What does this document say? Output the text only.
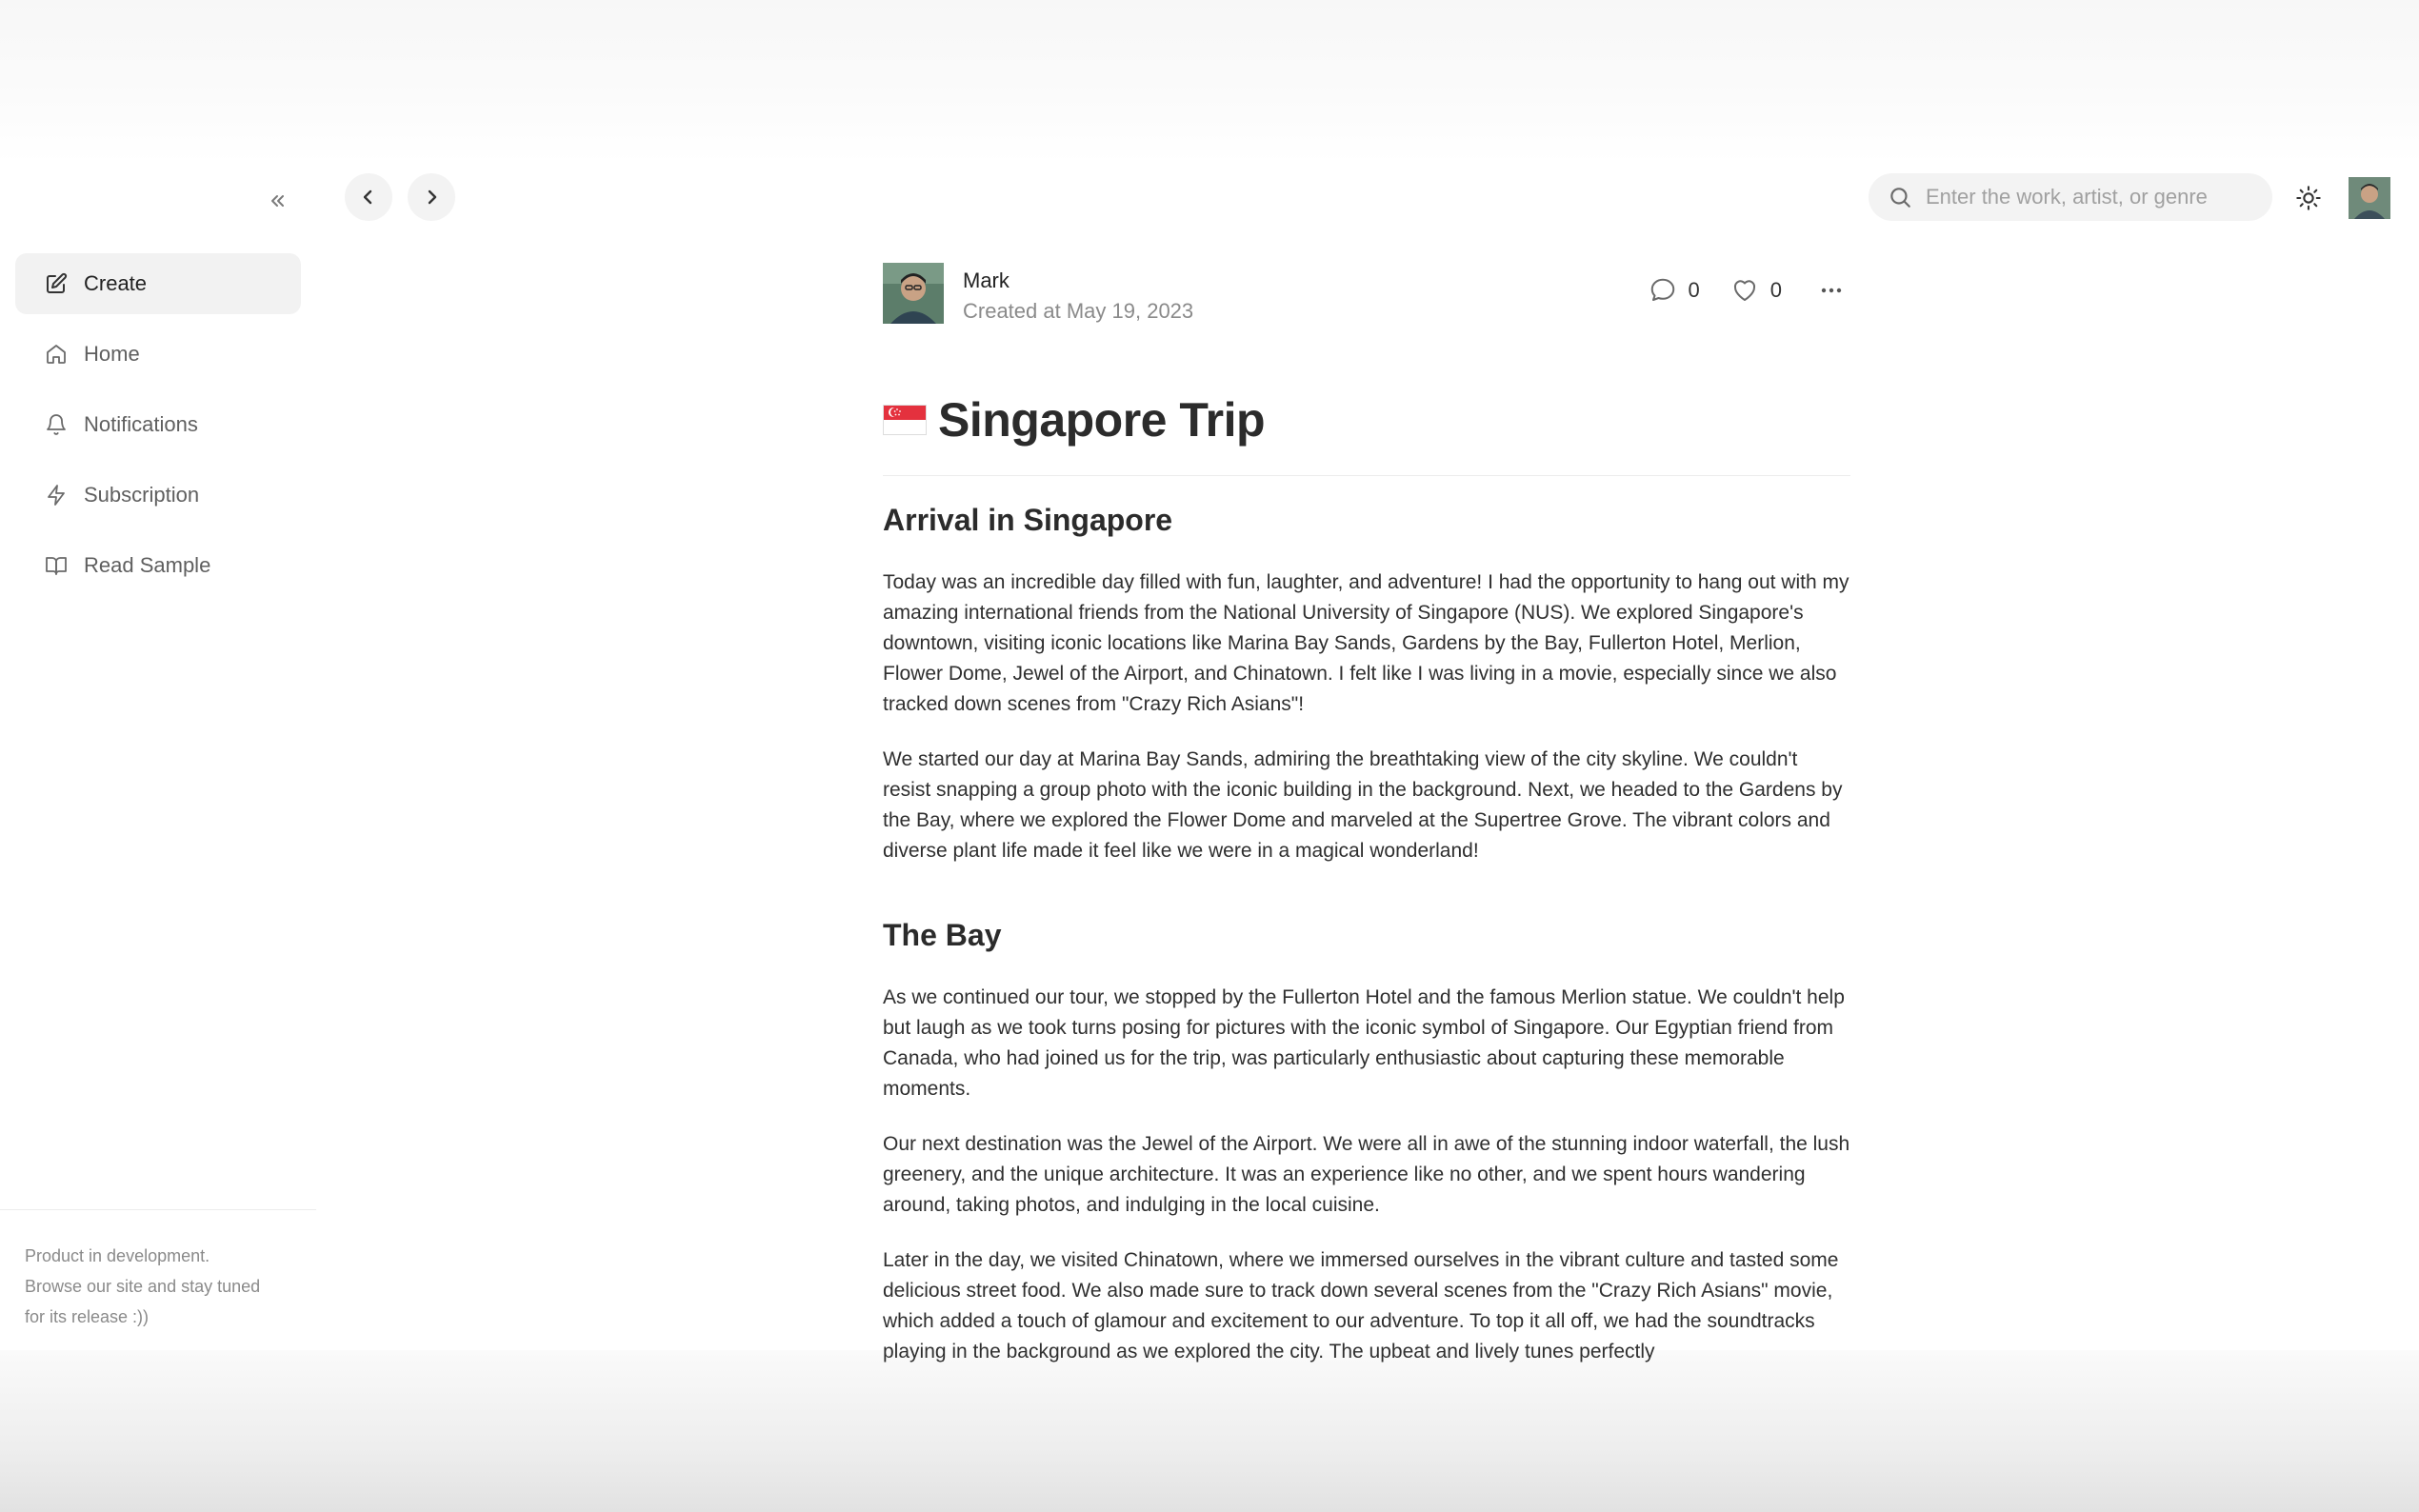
Create
Home
Notifications
Subscription
Read Sample
Product in development.
Browse our site and stay tuned
for its release :))
Enter the work, artist, or genre
Mark
Created at May 19, 2023
0	0
Singapore Trip
Arrival in Singapore

Today was an incredible day filled with fun, laughter, and adventure! I had the opportunity to hang out with my amazing international friends from the National University of Singapore (NUS). We explored Singapore's downtown, visiting iconic locations like Marina Bay Sands, Gardens by the Bay, Fullerton Hotel, Merlion, Flower Dome, Jewel of the Airport, and Chinatown. I felt like I was living in a movie, especially since we also tracked down scenes from "Crazy Rich Asians"!

We started our day at Marina Bay Sands, admiring the breathtaking view of the city skyline. We couldn't resist snapping a group photo with the iconic building in the background. Next, we headed to the Gardens by the Bay, where we explored the Flower Dome and marveled at the Supertree Grove. The vibrant colors and diverse plant life made it feel like we were in a magical wonderland!

The Bay

As we continued our tour, we stopped by the Fullerton Hotel and the famous Merlion statue. We couldn't help but laugh as we took turns posing for pictures with the iconic symbol of Singapore. Our Egyptian friend from Canada, who had joined us for the trip, was particularly enthusiastic about capturing these memorable moments.

Our next destination was the Jewel of the Airport. We were all in awe of the stunning indoor waterfall, the lush greenery, and the unique architecture. It was an experience like no other, and we spent hours wandering around, taking photos, and indulging in the local cuisine.

Later in the day, we visited Chinatown, where we immersed ourselves in the vibrant culture and tasted some delicious street food. We also made sure to track down several scenes from the "Crazy Rich Asians" movie, which added a touch of glamour and excitement to our adventure. To top it all off, we had the soundtracks playing in the background as we explored the city. The upbeat and lively tunes perfectly
